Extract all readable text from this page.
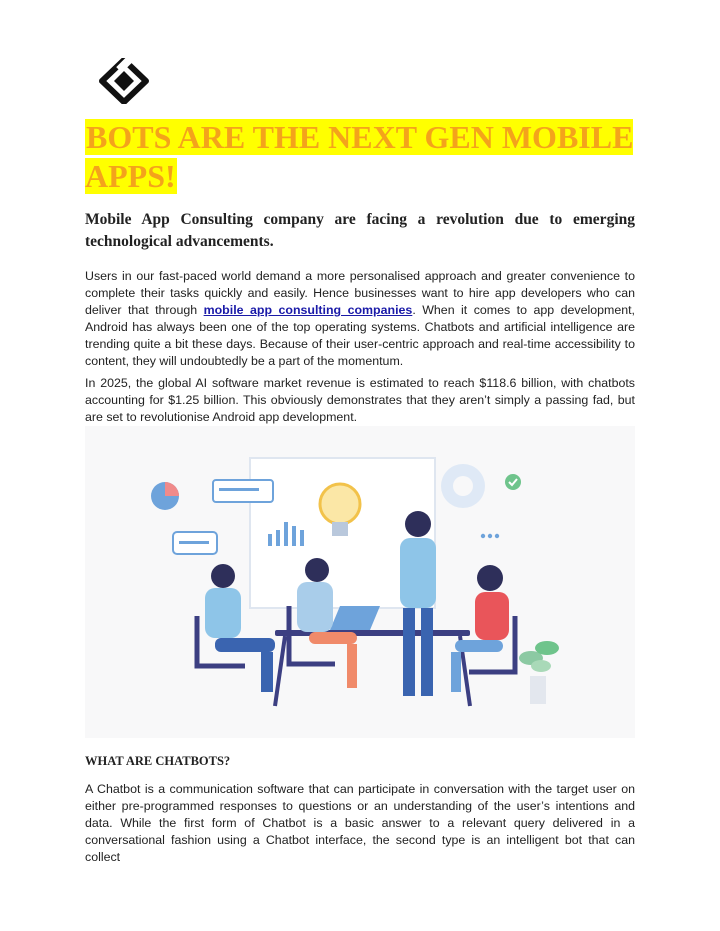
BOTS ARE THE NEXT GEN MOBILE APPS!

Mobile App Consulting company are facing a revolution due to emerging technological advancements.

Users in our fast-paced world demand a more personalised approach and greater convenience to complete their tasks quickly and easily. Hence businesses want to hire app developers who can deliver that through mobile app consulting companies. When it comes to app development, Android has always been one of the top operating systems. Chatbots and artificial intelligence are trending quite a bit these days. Because of their user-centric approach and real-time accessibility to content, they will undoubtedly be a part of the momentum.

In 2025, the global AI software market revenue is estimated to reach $118.6 billion, with chatbots accounting for $1.25 billion. This obviously demonstrates that they aren’t simply a passing fad, but are set to revolutionise Android app development.

WHAT ARE CHATBOTS?

A Chatbot is a communication software that can participate in conversation with the target user on either pre-programmed responses to questions or an understanding of the user’s intentions and data. While the first form of Chatbot is a basic answer to a relevant query delivered in a conversational fashion using a Chatbot interface, the second type is an intelligent bot that can collect
